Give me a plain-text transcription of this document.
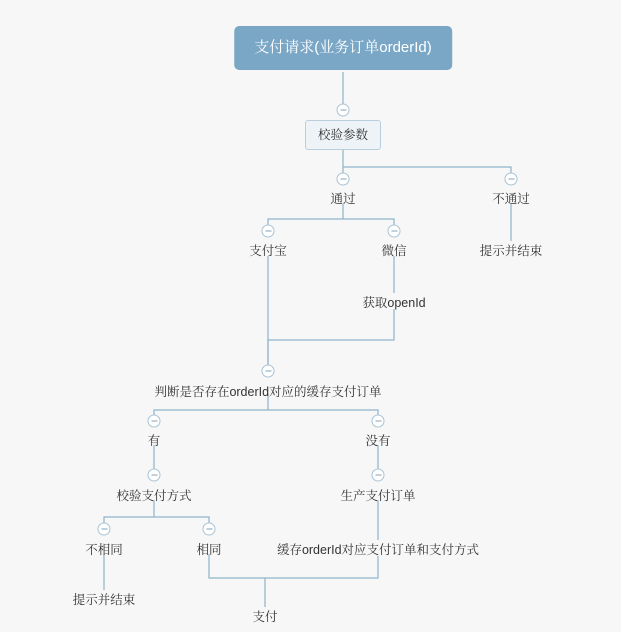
支付请求(业务订单orderId)
校验参数
通过	不通过
提示并结束
支付宝	微信
获取openId
判断是否存在orderId对应的缓存支付订单
有	没有
校验支付方式	生产支付订单
不相同	相同	缓存orderId对应支付订单和支付方式
提示并结束
支付
